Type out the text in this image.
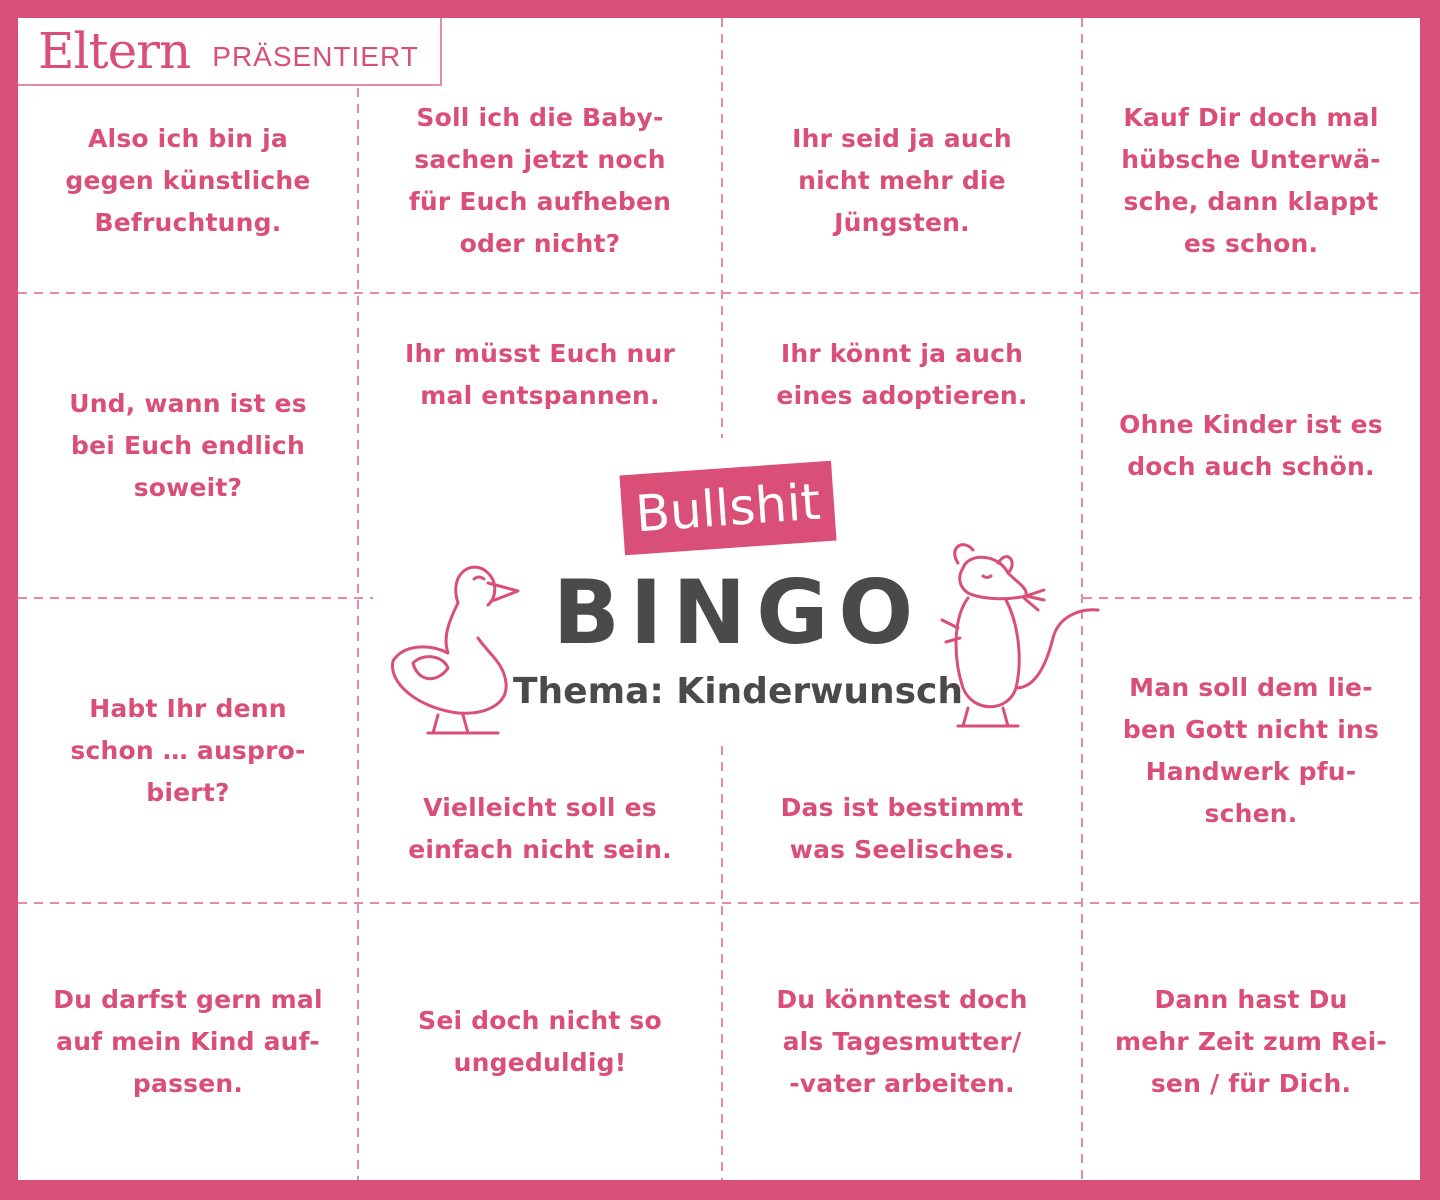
Eltern PRÄSENTIERT
Also ich bin ja
gegen künstliche
Befruchtung.
Soll ich die Baby-
sachen jetzt noch
für Euch aufheben
oder nicht?
Ihr seid ja auch
nicht mehr die
Jüngsten.
Kauf Dir doch mal
hübsche Unterwä-
sche, dann klappt
es schon.
Und, wann ist es
bei Euch endlich
soweit?
Ihr müsst Euch nur
mal entspannen.
Ihr könnt ja auch
eines adoptieren.
Ohne Kinder ist es
doch auch schön.
Habt Ihr denn
schon … auspro-
biert?
Vielleicht soll es
einfach nicht sein.
Das ist bestimmt
was Seelisches.
Man soll dem lie-
ben Gott nicht ins
Handwerk pfu-
schen.
Du darfst gern mal
auf mein Kind auf-
passen.
Sei doch nicht so
ungeduldig!
Du könntest doch
als Tagesmutter/
-vater arbeiten.
Dann hast Du
mehr Zeit zum Rei-
sen / für Dich.
Bullshit
BINGO
Thema: Kinderwunsch
